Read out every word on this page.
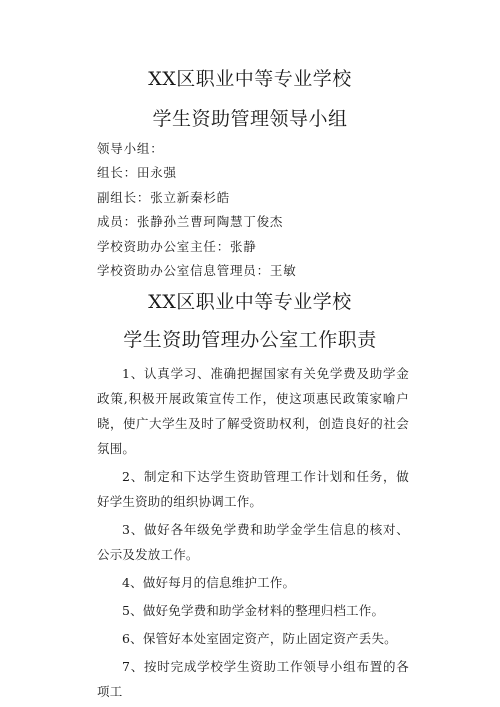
XX区职业中等专业学校
学生资助管理领导小组
领导小组：
组长：田永强
副组长：张立新秦杉皓
成员：张静孙兰曹珂陶慧丁俊杰
学校资助办公室主任：张静
学校资助办公室信息管理员：王敏
XX区职业中等专业学校
学生资助管理办公室工作职责

1、认真学习、准确把握国家有关免学费及助学金政策,积极开展政策宣传工作，使这项惠民政策家喻户晓，使广大学生及时了解受资助权利，创造良好的社会氛围。

2、制定和下达学生资助管理工作计划和任务，做好学生资助的组织协调工作。

3、做好各年级免学费和助学金学生信息的核对、公示及发放工作。

4、做好每月的信息维护工作。

5、做好免学费和助学金材料的整理归档工作。

6、保管好本处室固定资产，防止固定资产丢失。

7、按时完成学校学生资助工作领导小组布置的各项工
